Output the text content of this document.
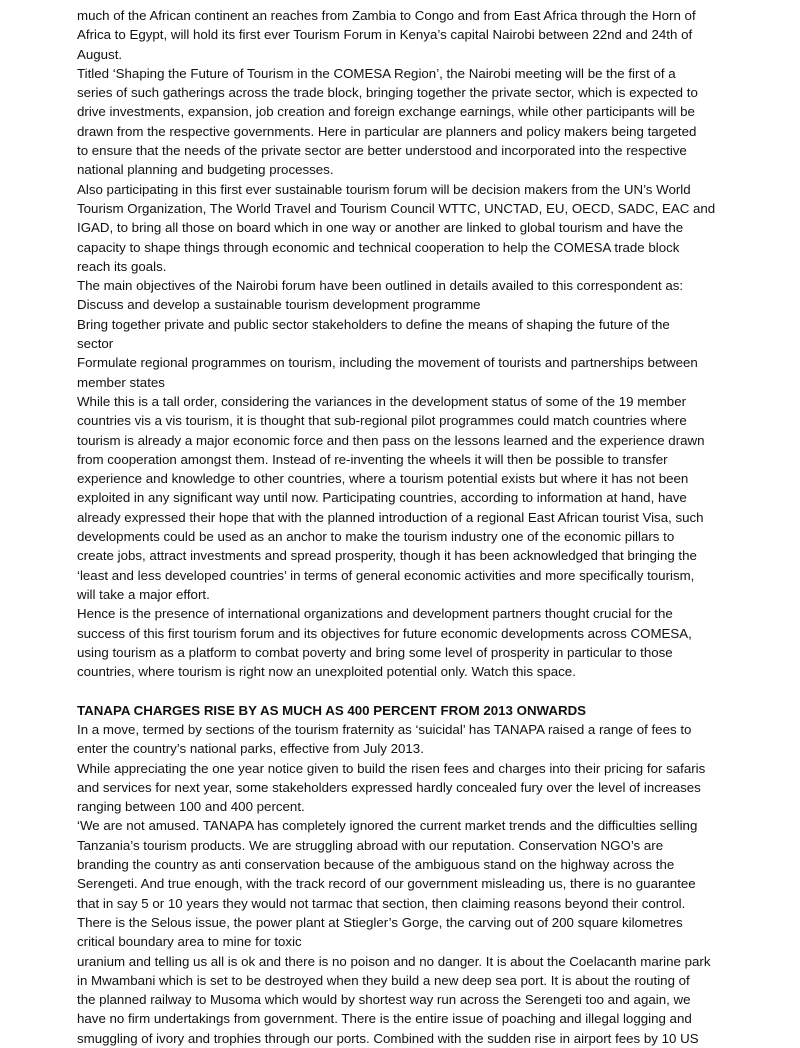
much of the African continent an reaches from Zambia to Congo and from East Africa through the Horn of
Africa to Egypt, will hold its first ever Tourism Forum in Kenya’s capital Nairobi between 22nd and 24th of
August.
Titled ‘Shaping the Future of Tourism in the COMESA Region’, the Nairobi meeting will be the first of a
series of such gatherings across the trade block, bringing together the private sector, which is expected to
drive investments, expansion, job creation and foreign exchange earnings, while other participants will be
drawn from the respective governments. Here in particular are planners and policy makers being targeted
to ensure that the needs of the private sector are better understood and incorporated into the respective
national planning and budgeting processes.
Also participating in this first ever sustainable tourism forum will be decision makers from the UN’s World
Tourism Organization, The World Travel and Tourism Council WTTC, UNCTAD, EU, OECD, SADC, EAC and
IGAD, to bring all those on board which in one way or another are linked to global tourism and have the
capacity to shape things through economic and technical cooperation to help the COMESA trade block
reach its goals.
The main objectives of the Nairobi forum have been outlined in details availed to this correspondent as:
Discuss and develop a sustainable tourism development programme
Bring together private and public sector stakeholders to define the means of shaping the future of the
sector
Formulate regional programmes on tourism, including the movement of tourists and partnerships between
member states
While this is a tall order, considering the variances in the development status of some of the 19 member
countries vis a vis tourism, it is thought that sub-regional pilot programmes could match countries where
tourism is already a major economic force and then pass on the lessons learned and the experience drawn
from cooperation amongst them. Instead of re-inventing the wheels it will then be possible to transfer
experience and knowledge to other countries, where a tourism potential exists but where it has not been
exploited in any significant way until now. Participating countries, according to information at hand, have
already expressed their hope that with the planned introduction of a regional East African tourist Visa, such
developments could be used as an anchor to make the tourism industry one of the economic pillars to
create jobs, attract investments and spread prosperity, though it has been acknowledged that bringing the
‘least and less developed countries’ in terms of general economic activities and more specifically tourism,
will take a major effort.
Hence is the presence of international organizations and development partners thought crucial for the
success of this first tourism forum and its objectives for future economic developments across COMESA,
using tourism as a platform to combat poverty and bring some level of prosperity in particular to those
countries, where tourism is right now an unexploited potential only. Watch this space.
TANAPA CHARGES RISE BY AS MUCH AS 400 PERCENT FROM 2013 ONWARDS
In a move, termed by sections of the tourism fraternity as ‘suicidal’ has TANAPA raised a range of fees to
enter the country’s national parks, effective from July 2013.
While appreciating the one year notice given to build the risen fees and charges into their pricing for safaris
and services for next year, some stakeholders expressed hardly concealed fury over the level of increases
ranging between 100 and 400 percent.
‘We are not amused. TANAPA has completely ignored the current market trends and the difficulties selling
Tanzania’s tourism products. We are struggling abroad with our reputation. Conservation NGO’s are
branding the country as anti conservation because of the ambiguous stand on the highway across the
Serengeti. And true enough, with the track record of our government misleading us, there is no guarantee
that in say 5 or 10 years they would not tarmac that section, then claiming reasons beyond their control.
There is the Selous issue, the power plant at Stiegler’s Gorge, the carving out of 200 square kilometres
critical boundary area to mine for toxic
uranium and telling us all is ok and there is no poison and no danger. It is about the Coelacanth marine park
in Mwambani which is set to be destroyed when they build a new deep sea port. It is about the routing of
the planned railway to Musoma which would by shortest way run across the Serengeti too and again, we
have no firm undertakings from government. There is the entire issue of poaching and illegal logging and
smuggling of ivory and trophies through our ports. Combined with the sudden rise in airport fees by 10 US
